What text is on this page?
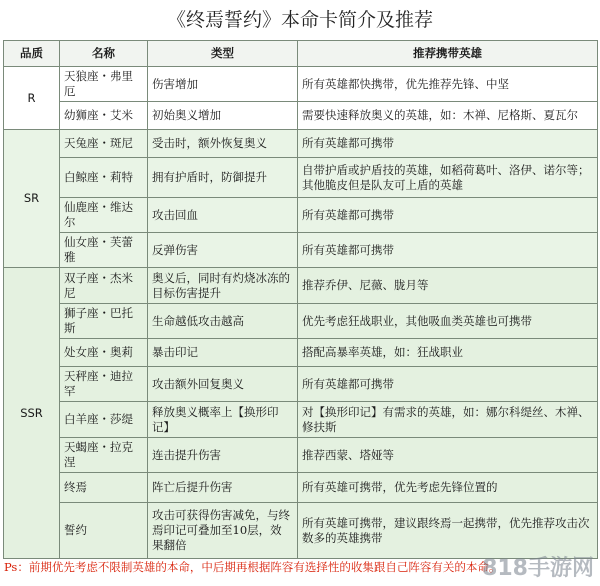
《终焉誓约》本命卡简介及推荐
品质	名称	类型	推荐携带英雄
R	天狼座・弗里厄	伤害增加	所有英雄都快携带，优先推荐先锋、中坚
	幼狮座・艾米	初始奥义增加	需要快速释放奥义的英雄，如：木禅、尼格斯、夏瓦尔
SR	天兔座・斑尼	受击时，额外恢复奥义	所有英雄都可携带
	白鲸座・莉特	拥有护盾时，防御提升	自带护盾或护盾技的英雄，如稻荷葛叶、洛伊、诺尔等；其他脆皮但是队友可上盾的英雄
	仙鹿座・维达尔	攻击回血	所有英雄都可携带
	仙女座・芙蕾雅	反弹伤害	所有英雄都可携带
SSR	双子座・杰米尼	奥义后，同时有灼烧冰冻的目标伤害提升	推荐乔伊、尼薇、胧月等
	狮子座・巴托斯	生命越低攻击越高	优先考虑狂战职业，其他吸血类英雄也可携带
	处女座・奥莉	暴击印记	搭配高暴率英雄，如：狂战职业
	天秤座・迪拉罕	攻击额外回复奥义	所有英雄都可携带
	白羊座・莎缇	释放奥义概率上【换形印记】	对【换形印记】有需求的英雄，如：娜尔科缇丝、木禅、修扶斯
	天蝎座・拉克涅	连击提升伤害	推荐西蒙、塔娅等
	终焉	阵亡后提升伤害	所有英雄可携带，优先考虑先锋位置的
	誓约	攻击可获得伤害减免，与终焉印记可叠加至10层，效果翻倍	所有英雄可携带，建议跟终焉一起携带，优先推荐攻击次数多的英雄携带
Ps：前期优先考虑不限制英雄的本命，中后期再根据阵容有选择性的收集跟自己阵容有关的本命。
818手游网
